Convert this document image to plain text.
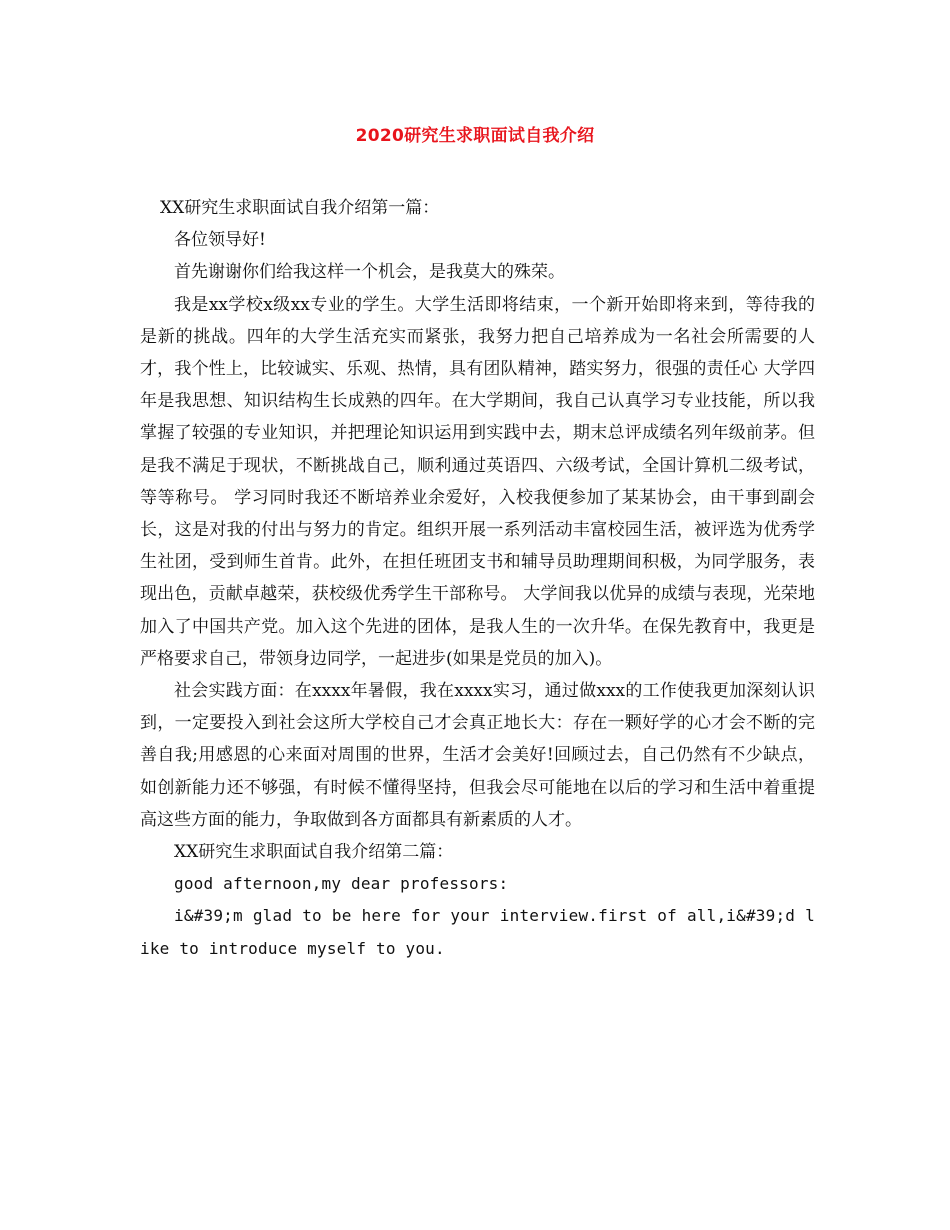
2020研究生求职面试自我介绍

XX研究生求职面试自我介绍第一篇：

各位领导好!

首先谢谢你们给我这样一个机会，是我莫大的殊荣。

我是xx学校x级xx专业的学生。大学生活即将结束，一个新开始即将来到，等待我的是新的挑战。四年的大学生活充实而紧张，我努力把自己培养成为一名社会所需要的人才，我个性上，比较诚实、乐观、热情，具有团队精神，踏实努力，很强的责任心 大学四年是我思想、知识结构生长成熟的四年。在大学期间，我自己认真学习专业技能，所以我掌握了较强的专业知识，并把理论知识运用到实践中去，期末总评成绩名列年级前茅。但是我不满足于现状，不断挑战自己，顺利通过英语四、六级考试，全国计算机二级考试，等等称号。 学习同时我还不断培养业余爱好，入校我便参加了某某协会，由干事到副会长，这是对我的付出与努力的肯定。组织开展一系列活动丰富校园生活，被评选为优秀学生社团，受到师生首肯。此外，在担任班团支书和辅导员助理期间积极，为同学服务，表现出色，贡献卓越荣，获校级优秀学生干部称号。 大学间我以优异的成绩与表现，光荣地加入了中国共产党。加入这个先进的团体，是我人生的一次升华。在保先教育中，我更是严格要求自己，带领身边同学，一起进步(如果是党员的加入)。

社会实践方面：在xxxx年暑假，我在xxxx实习，通过做xxx的工作使我更加深刻认识到，一定要投入到社会这所大学校自己才会真正地长大：存在一颗好学的心才会不断的完善自我;用感恩的心来面对周围的世界，生活才会美好!回顾过去，自己仍然有不少缺点，如创新能力还不够强，有时候不懂得坚持，但我会尽可能地在以后的学习和生活中着重提高这些方面的能力，争取做到各方面都具有新素质的人才。

XX研究生求职面试自我介绍第二篇：

good afternoon,my dear professors:

i&#39;m glad to be here for your interview.first of all,i&#39;d like to introduce myself to you.
